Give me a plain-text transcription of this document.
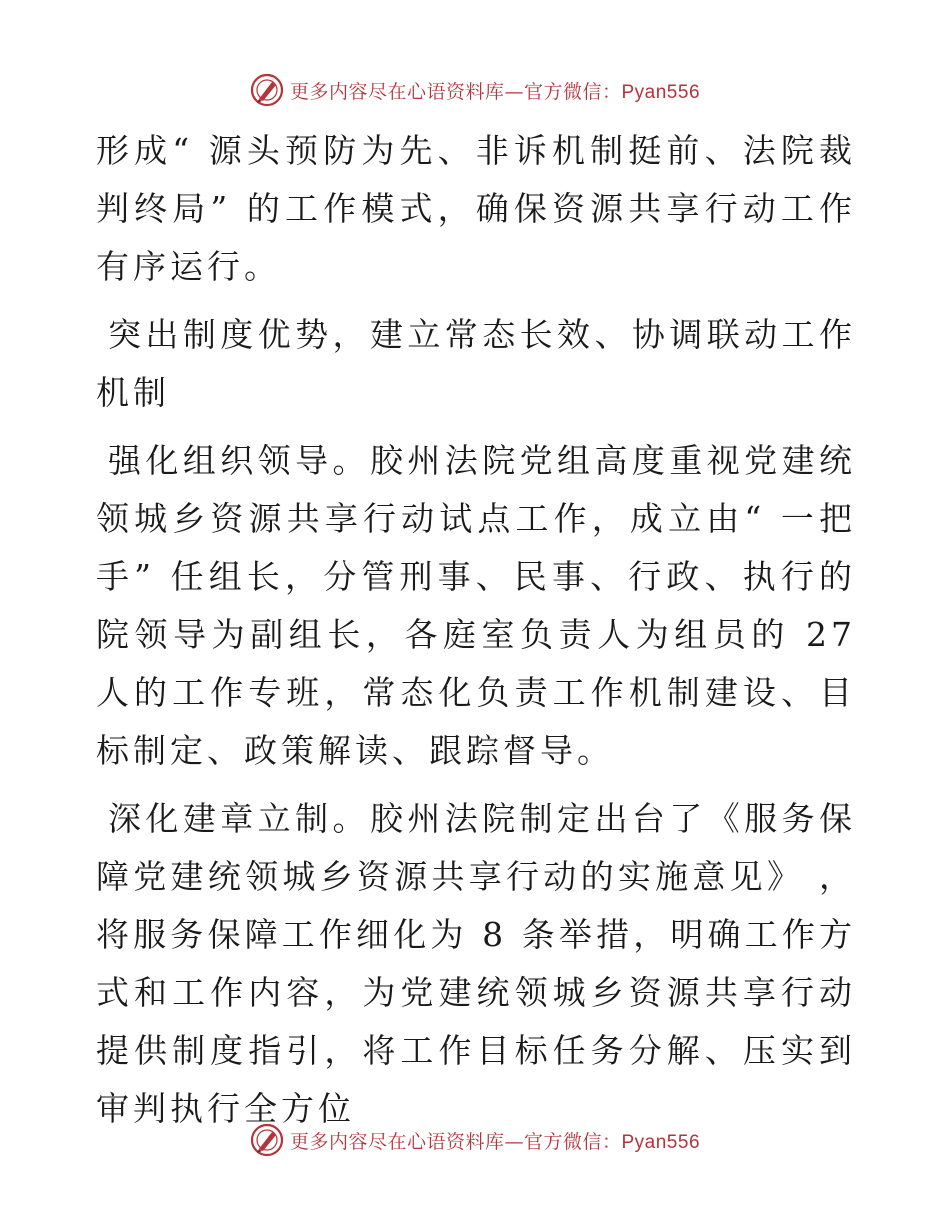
更多内容尽在心语资料库—官方微信：Pyan556

形成“ 源头预防为先、非诉机制挺前、法院裁判终局” 的工作模式，确保资源共享行动工作有序运行。

突出制度优势，建立常态长效、协调联动工作机制

强化组织领导。胶州法院党组高度重视党建统领城乡资源共享行动试点工作，成立由“ 一把手” 任组长，分管刑事、民事、行政、执行的院领导为副组长，各庭室负责人为组员的 27 人的工作专班，常态化负责工作机制建设、目标制定、政策解读、跟踪督导。

深化建章立制。胶州法院制定出台了《服务保障党建统领城乡资源共享行动的实施意见》 ，将服务保障工作细化为 8 条举措，明确工作方式和工作内容，为党建统领城乡资源共享行动提供制度指引，将工作目标任务分解、压实到审判执行全方位

更多内容尽在心语资料库—官方微信：Pyan556
